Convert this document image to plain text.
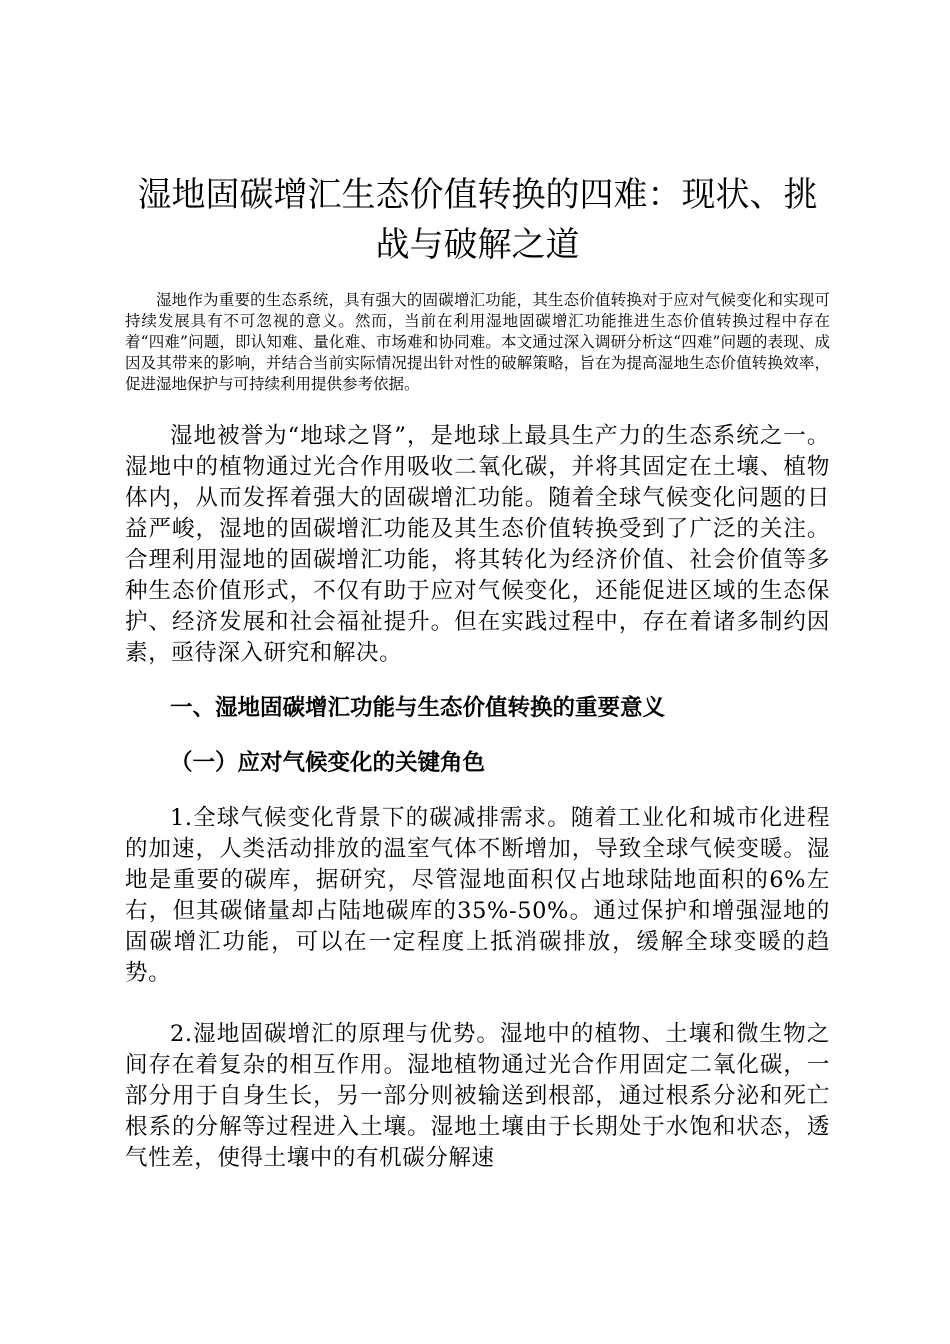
湿地固碳增汇生态价值转换的四难：现状、挑战与破解之道

湿地作为重要的生态系统，具有强大的固碳增汇功能，其生态价值转换对于应对气候变化和实现可持续发展具有不可忽视的意义。然而，当前在利用湿地固碳增汇功能推进生态价值转换过程中存在着“四难”问题，即认知难、量化难、市场难和协同难。本文通过深入调研分析这“四难”问题的表现、成因及其带来的影响，并结合当前实际情况提出针对性的破解策略，旨在为提高湿地生态价值转换效率，促进湿地保护与可持续利用提供参考依据。

湿地被誉为“地球之肾”，是地球上最具生产力的生态系统之一。湿地中的植物通过光合作用吸收二氧化碳，并将其固定在土壤、植物体内，从而发挥着强大的固碳增汇功能。随着全球气候变化问题的日益严峻，湿地的固碳增汇功能及其生态价值转换受到了广泛的关注。合理利用湿地的固碳增汇功能，将其转化为经济价值、社会价值等多种生态价值形式，不仅有助于应对气候变化，还能促进区域的生态保护、经济发展和社会福祉提升。但在实践过程中，存在着诸多制约因素，亟待深入研究和解决。

一、湿地固碳增汇功能与生态价值转换的重要意义
（一）应对气候变化的关键角色

1.全球气候变化背景下的碳减排需求。随着工业化和城市化进程的加速，人类活动排放的温室气体不断增加，导致全球气候变暖。湿地是重要的碳库，据研究，尽管湿地面积仅占地球陆地面积的6%左右，但其碳储量却占陆地碳库的35%-50%。通过保护和增强湿地的固碳增汇功能，可以在一定程度上抵消碳排放，缓解全球变暖的趋势。

2.湿地固碳增汇的原理与优势。湿地中的植物、土壤和微生物之间存在着复杂的相互作用。湿地植物通过光合作用固定二氧化碳，一部分用于自身生长，另一部分则被输送到根部，通过根系分泌和死亡根系的分解等过程进入土壤。湿地土壤由于长期处于水饱和状态，透气性差，使得土壤中的有机碳分解速
